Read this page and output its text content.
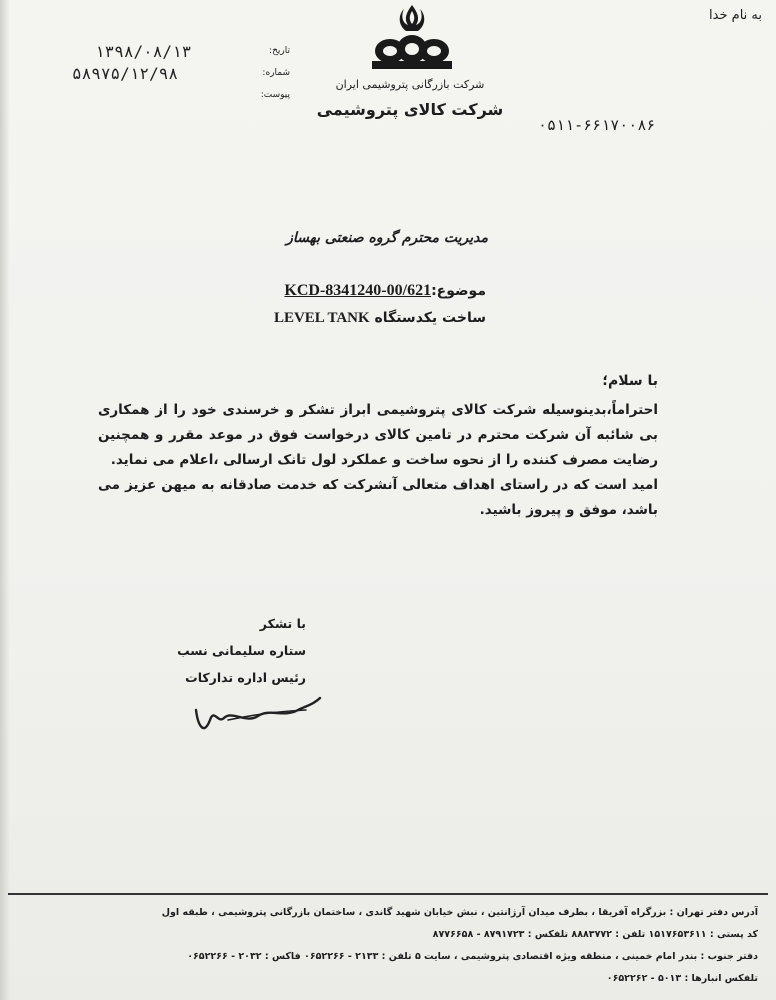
به نام خدا
تاریخ:
شماره:
پیوست:
۱۳۹۸/۰۸/۱۳
۵۸۹۷۵/۱۲/۹۸
شرکت بازرگانی پتروشیمی ایران
شرکت کالای پتروشیمی
۰۵۱۱-۶۶۱۷۰۰۸۶
مدیریت محترم گروه صنعتی بهساز
موضوع:KCD-8341240-00/621
ساخت یکدستگاه LEVEL TANK
با سلام؛

احتراماً،بدینوسیله شرکت کالای پتروشیمی ابراز تشکر و خرسندی خود را از همکاری بی شائبه آن شرکت محترم در تامین کالای درخواست فوق در موعد مقرر و همچنین رضایت مصرف کننده را از نحوه ساخت و عملکرد لول تانک ارسالی ،اعلام می نماید.

امید است که در راستای اهداف متعالی آنشرکت که خدمت صادقانه به میهن عزیز می باشد، موفق و پیروز باشید.

با تشکر
ستاره سلیمانی نسب
رئیس اداره تدارکات
آدرس دفتر تهران : بزرگراه آفریقا ، بطرف میدان آرژانتین ، نبش خیابان شهید گاندی ، ساختمان بازرگانی پتروشیمی ، طبقه اول
کد پستی : ۱۵۱۷۶۵۳۶۱۱ تلفن : ۸۸۸۳۷۷۲ تلفکس : ۸۷۹۱۷۲۳ - ۸۷۷۶۶۵۸
دفتر جنوب : بندر امام خمینی ، منطقه ویژه اقتصادی پتروشیمی ، سایت ۵ تلفن : ۲۱۳۳ - ۰۶۵۲۲۶۶ فاکس : ۲۰۳۲ - ۰۶۵۲۲۶۶
تلفکس انبارها : ۵۰۱۳ - ۰۶۵۲۲۶۲
